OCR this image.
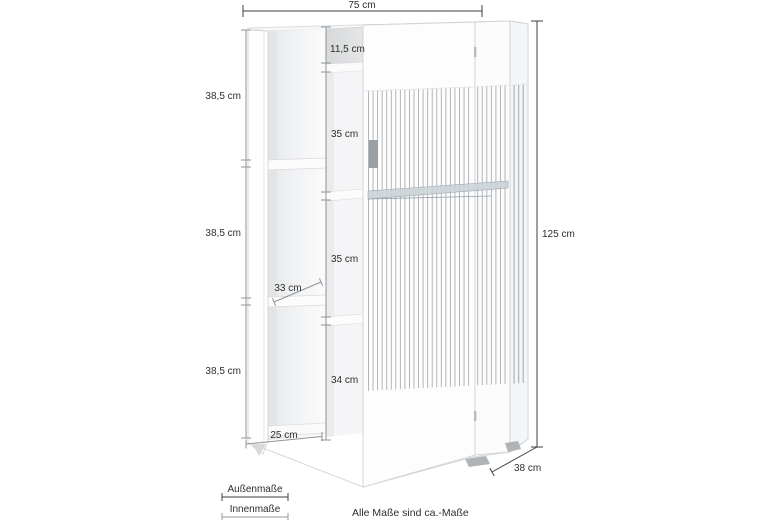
75 cm
125 cm
38 cm
38,5 cm
38,5 cm
38,5 cm
11,5 cm
35 cm
35 cm
34 cm
33 cm
25 cm
Außenmaße
Innenmaße	Alle Maße sind ca.-Maße
